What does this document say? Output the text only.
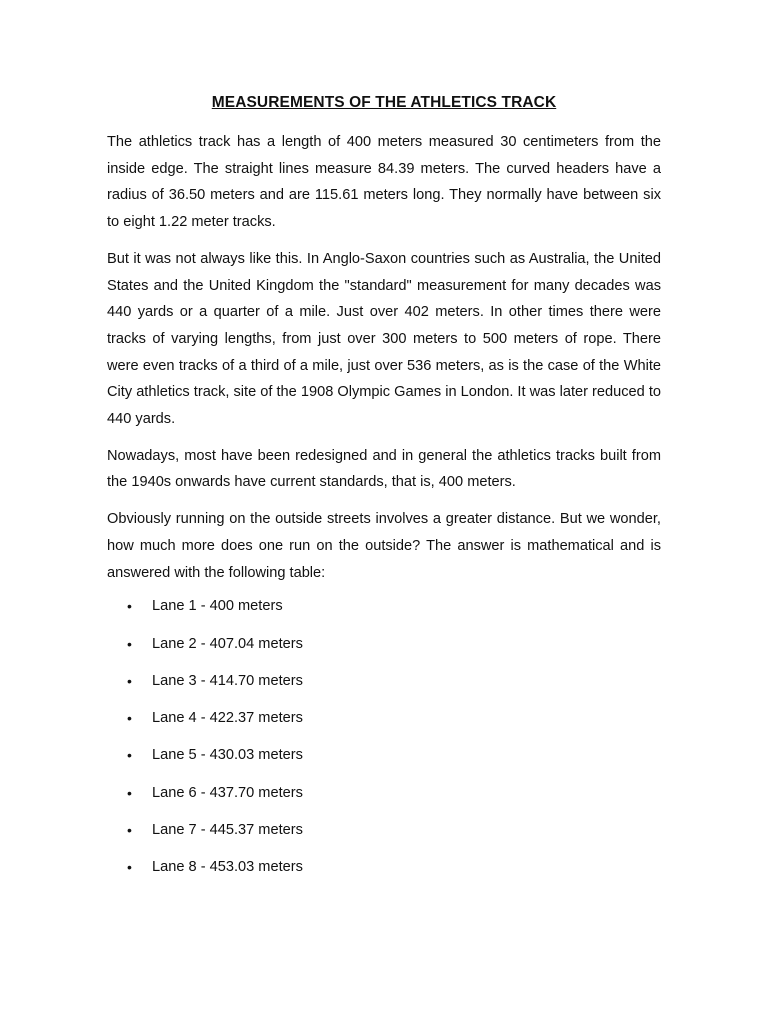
MEASUREMENTS OF THE ATHLETICS TRACK

The athletics track has a length of 400 meters measured 30 centimeters from the inside edge. The straight lines measure 84.39 meters. The curved headers have a radius of 36.50 meters and are 115.61 meters long. They normally have between six to eight 1.22 meter tracks.

But it was not always like this. In Anglo-Saxon countries such as Australia, the United States and the United Kingdom the "standard" measurement for many decades was 440 yards or a quarter of a mile. Just over 402 meters. In other times there were tracks of varying lengths, from just over 300 meters to 500 meters of rope. There were even tracks of a third of a mile, just over 536 meters, as is the case of the White City athletics track, site of the 1908 Olympic Games in London. It was later reduced to 440 yards.

Nowadays, most have been redesigned and in general the athletics tracks built from the 1940s onwards have current standards, that is, 400 meters.

Obviously running on the outside streets involves a greater distance. But we wonder, how much more does one run on the outside? The answer is mathematical and is answered with the following table:

• Lane 1 - 400 meters
• Lane 2 - 407.04 meters
• Lane 3 - 414.70 meters
• Lane 4 - 422.37 meters
• Lane 5 - 430.03 meters
• Lane 6 - 437.70 meters
• Lane 7 - 445.37 meters
• Lane 8 - 453.03 meters
